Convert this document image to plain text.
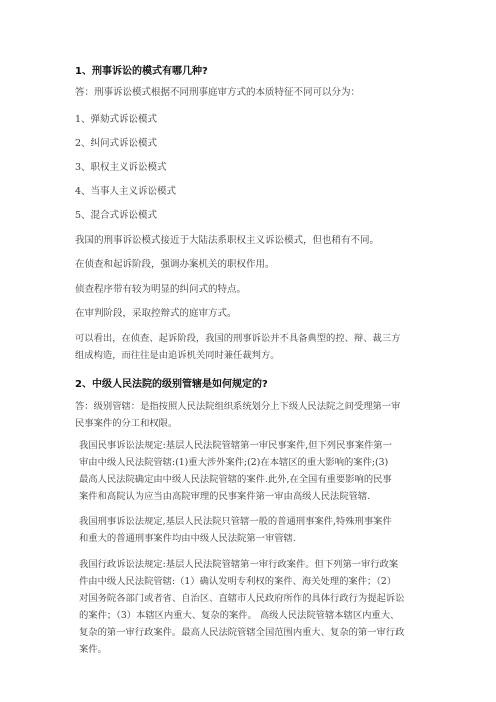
1、刑事诉讼的模式有哪几种?
答：刑事诉讼模式根据不同刑事庭审方式的本质特征不同可以分为：
1、弹劾式诉讼模式
2、纠问式诉讼模式
3、职权主义诉讼模式
4、当事人主义诉讼模式
5、混合式诉讼模式
我国的刑事诉讼模式接近于大陆法系职权主义诉讼模式，但也稍有不同。
在侦查和起诉阶段，强调办案机关的职权作用。
侦查程序带有较为明显的纠问式的特点。
在审判阶段，采取控辩式的庭审方式。
可以看出，在侦查、起诉阶段，我国的刑事诉讼并不具备典型的控、辩、裁三方
组成构造，而往往是由追诉机关同时兼任裁判方。
2、中级人民法院的级别管辖是如何规定的?
答：级别管辖：是指按照人民法院组织系统划分上下级人民法院之间受理第一审
民事案件的分工和权限。
我国民事诉讼法规定:基层人民法院管辖第一审民事案件,但下列民事案件第一
审由中级人民法院管辖:(1)重大涉外案件;(2)在本辖区的重大影响的案件;(3)
最高人民法院确定由中级人民法院管辖的案件.此外,在全国有重要影响的民事
案件和高院认为应当由高院审理的民事案件第一审由高级人民法院管辖.
我国刑事诉讼法规定,基层人民法院只管辖一般的普通刑事案件,特殊刑事案件
和重大的普通刑事案件均由中级人民法院第一审管辖.
我国行政诉讼法规定:基层人民法院管辖第一审行政案件。但下列第一审行政案
件由中级人民法院管辖:（1）确认发明专利权的案件、海关处理的案件；（2）
对国务院各部门或者省、自治区、直辖市人民政府所作的具体行政行为提起诉讼
的案件；（3）本辖区内重大、复杂的案件。 高级人民法院管辖本辖区内重大、
复杂的第一审行政案件。最高人民法院管辖全国范围内重大、复杂的第一审行政
案件。
